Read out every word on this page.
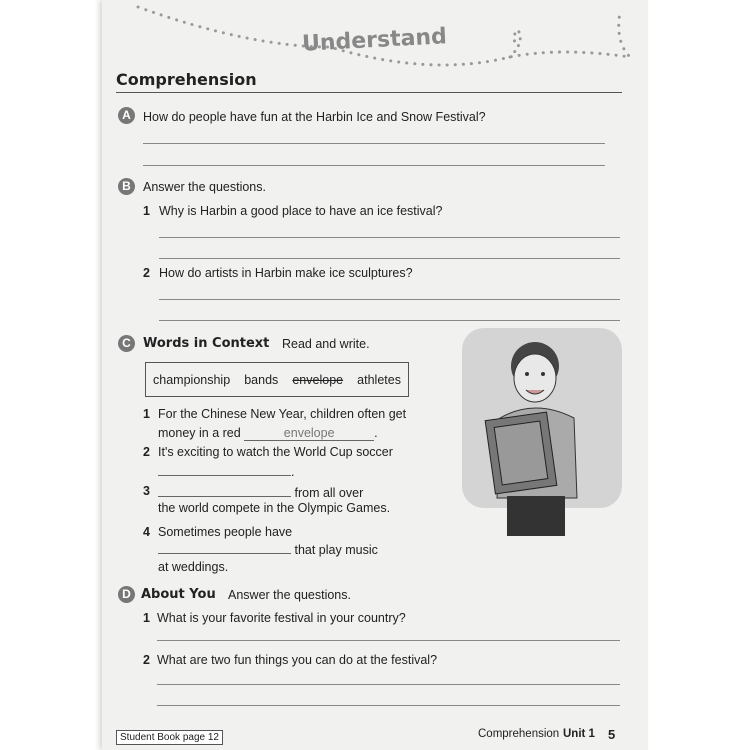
Understand
Comprehension
A How do people have fun at the Harbin Ice and Snow Festival?
B Answer the questions.
1 Why is Harbin a good place to have an ice festival?
2 How do artists in Harbin make ice sculptures?
C Words in Context Read and write.
championship bands envelope athletes
1 For the Chinese New Year, children often get
money in a red	envelope	.
2 It's exciting to watch the World Cup soccer
.
3	from all over
the world compete in the Olympic Games.
4 Sometimes people have
that play music
at weddings.
D About You Answer the questions.
1 What is your favorite festival in your country?
2 What are two fun things you can do at the festival?
Student Book page 12	Comprehension Unit 1 5
